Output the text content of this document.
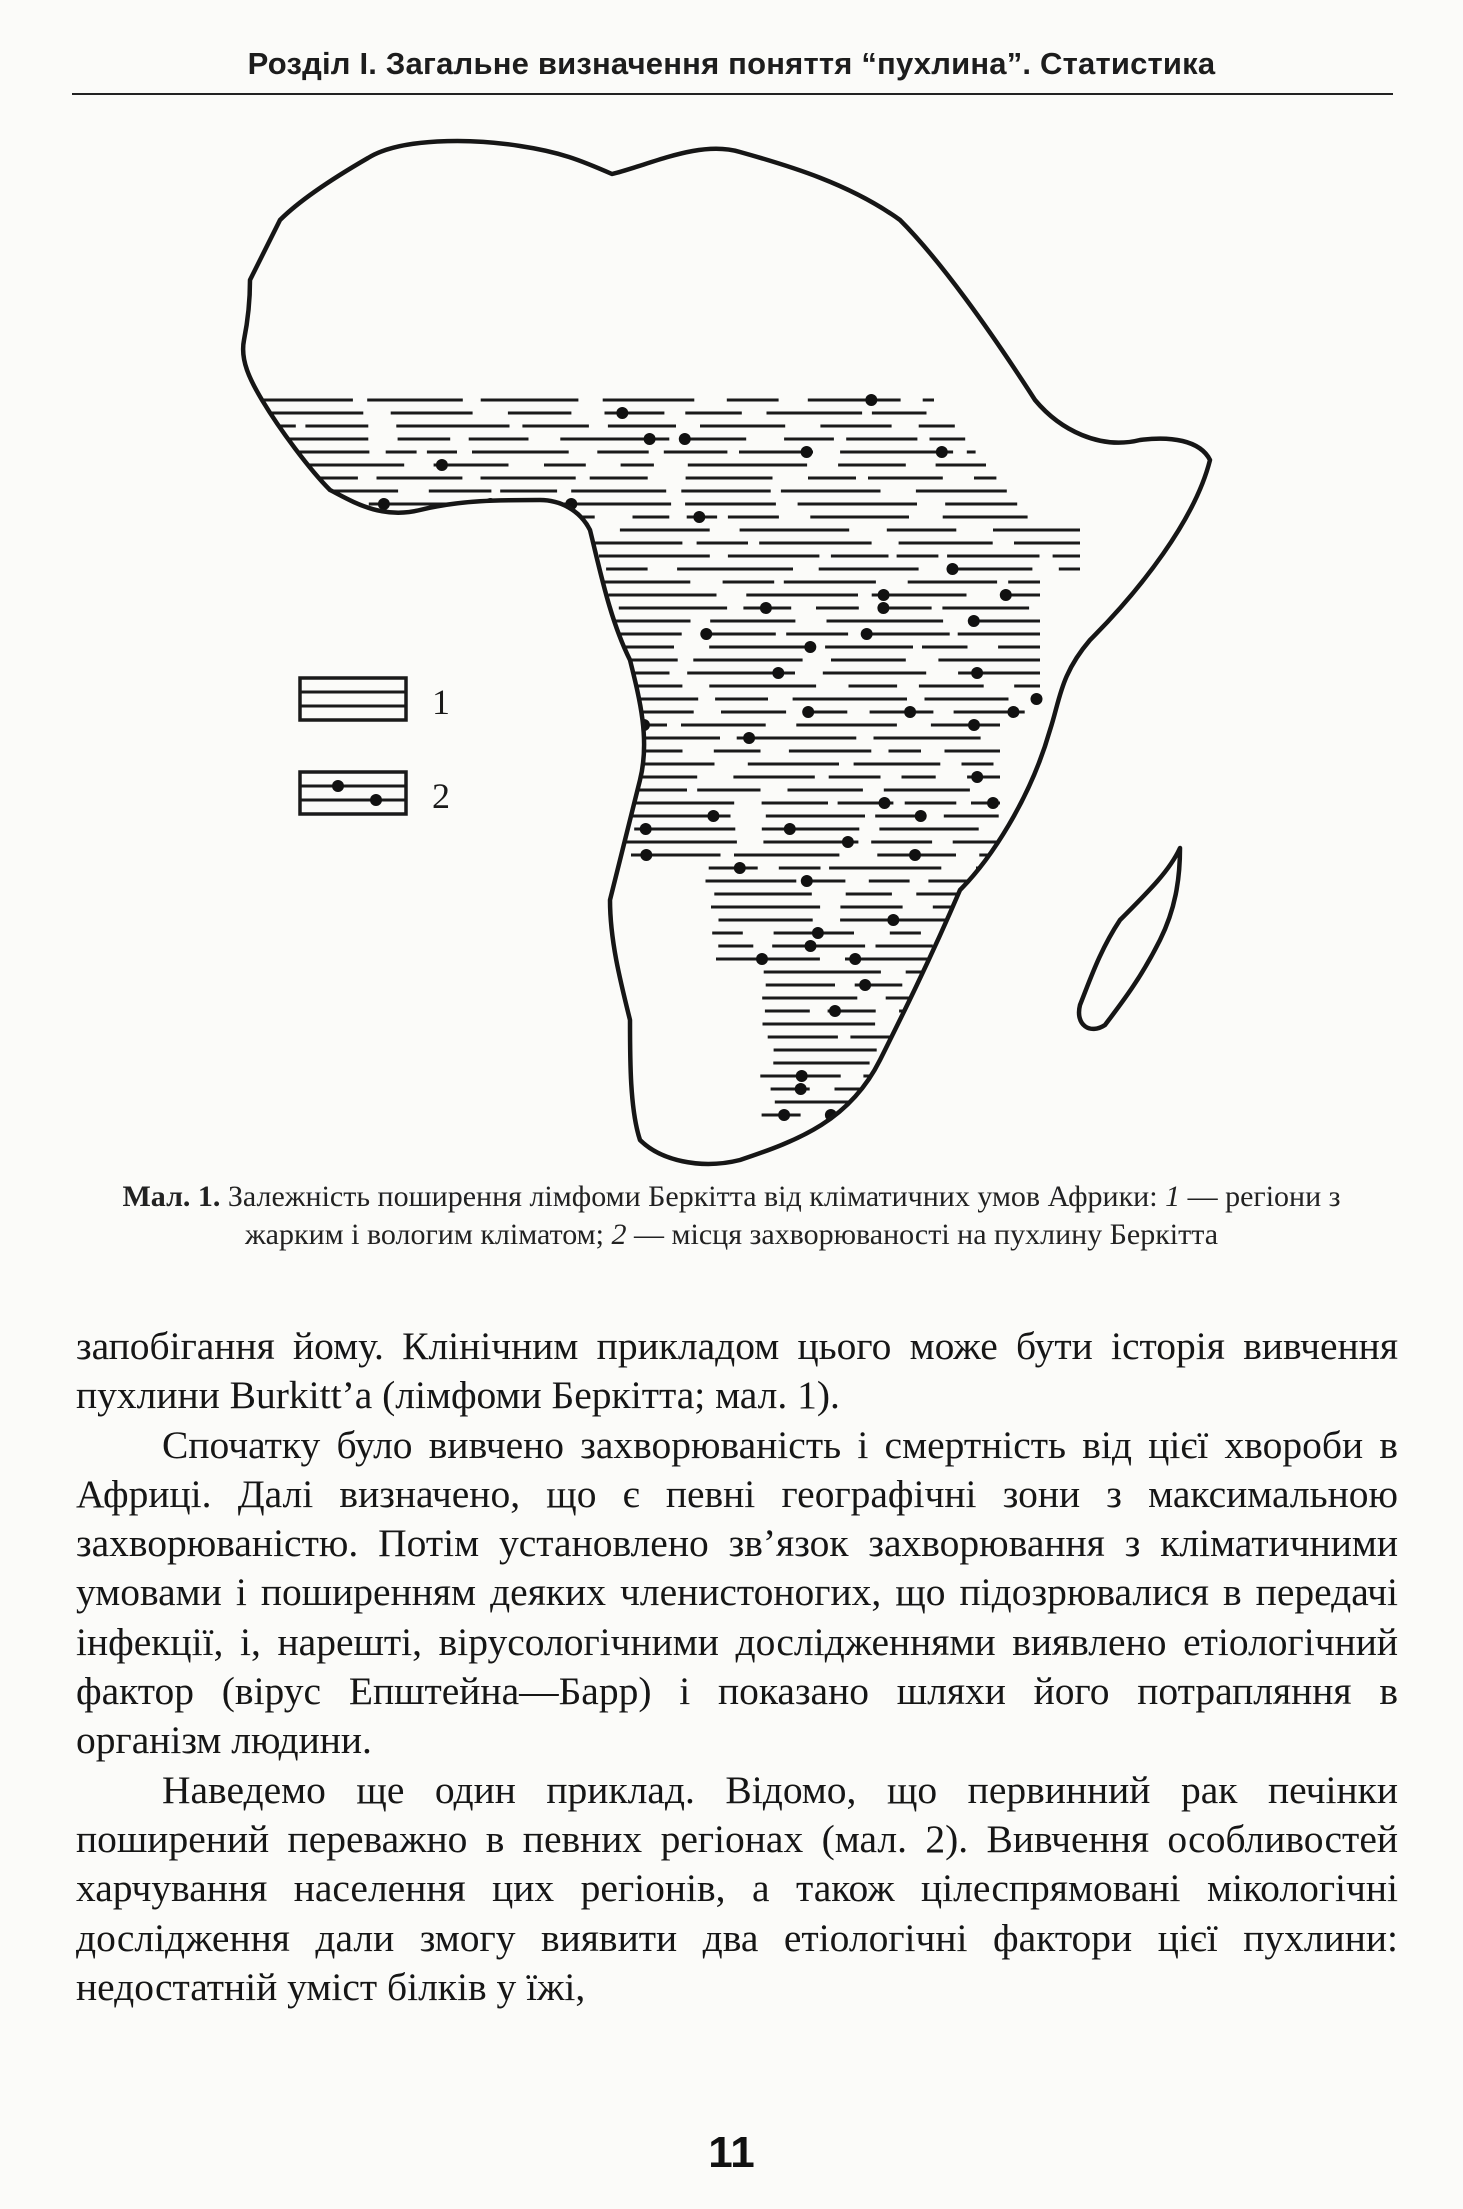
Розділ І. Загальне визначення поняття “пухлина”. Статистика
1
2
Мал. 1. Залежність поширення лімфоми Беркітта від кліматичних умов Африки: 1 — регіони з жарким і вологим кліматом; 2 — місця захворюваності на пухлину Беркітта

запобігання йому. Клінічним прикладом цього може бути історія вивчення пухлини Burkitt’a (лімфоми Беркітта; мал. 1).

Спочатку було вивчено захворюваність і смертність від цієї хвороби в Африці. Далі визначено, що є певні географічні зони з максимальною захворюваністю. Потім установлено зв’язок захворювання з кліматичними умовами і поширенням деяких членистоногих, що підозрювалися в передачі інфекції, і, нарешті, вірусологічними дослідженнями виявлено етіологічний фактор (вірус Епштейна—Барр) і показано шляхи його потрапляння в організм людини.

Наведемо ще один приклад. Відомо, що первинний рак печінки поширений переважно в певних регіонах (мал. 2). Вивчення особливостей харчування населення цих регіонів, а також цілеспрямовані мікологічні дослідження дали змогу виявити два етіологічні фактори цієї пухлини: недостатній уміст білків у їжі,

11
